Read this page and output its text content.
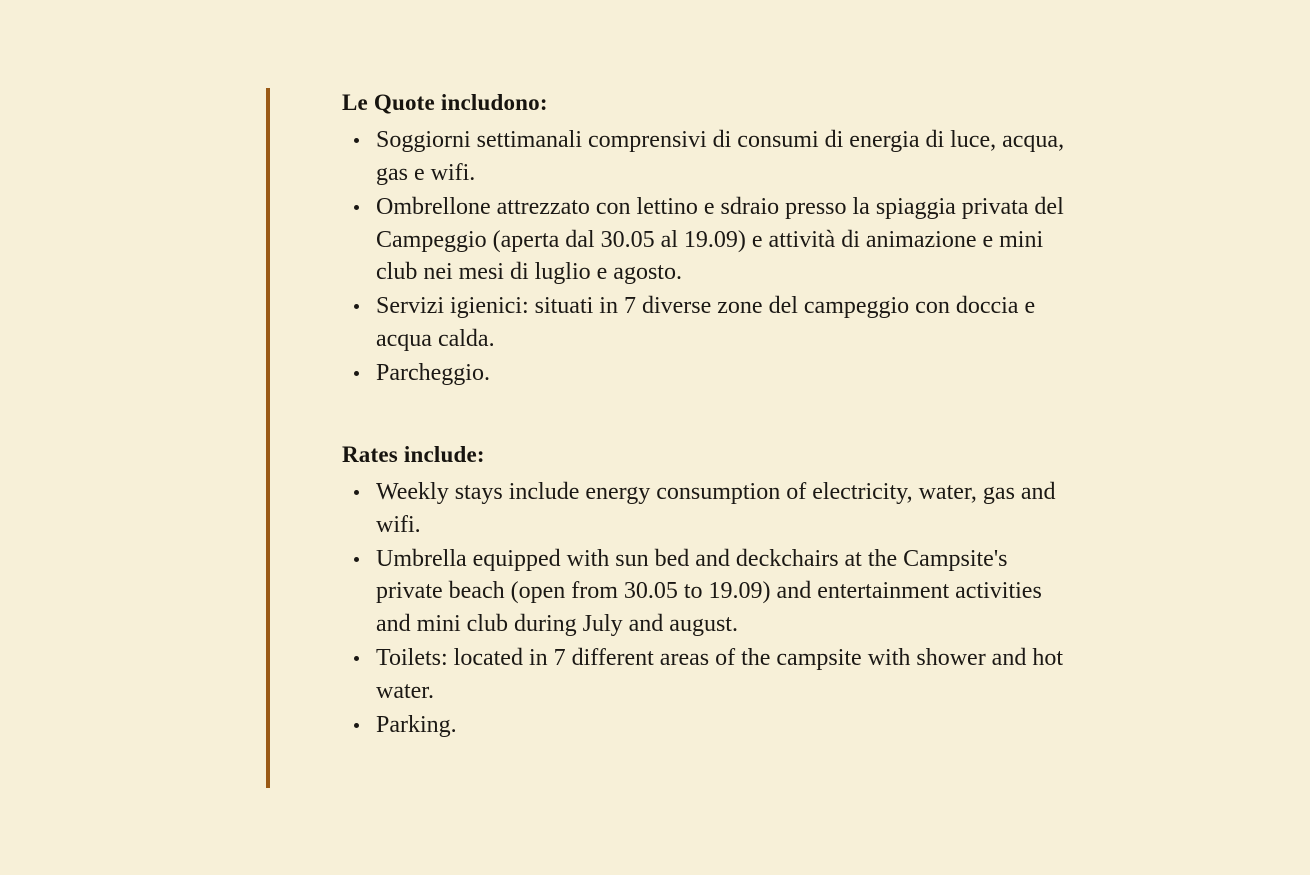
Le Quote includono:
Soggiorni settimanali comprensivi di consumi di energia di luce, acqua, gas e wifi.
Ombrellone attrezzato con lettino e sdraio presso la spiaggia privata del Campeggio (aperta dal 30.05 al 19.09) e attività di animazione e mini club nei mesi di luglio e agosto.
Servizi igienici: situati in 7 diverse zone del campeggio con doccia e acqua calda.
Parcheggio.
Rates include:
Weekly stays include energy consumption of electricity, water, gas and wifi.
Umbrella equipped with sun bed and deckchairs at the Campsite's private beach (open from 30.05 to 19.09) and entertainment activities and mini club during July and august.
Toilets: located in 7 different areas of the campsite with shower and hot water.
Parking.
